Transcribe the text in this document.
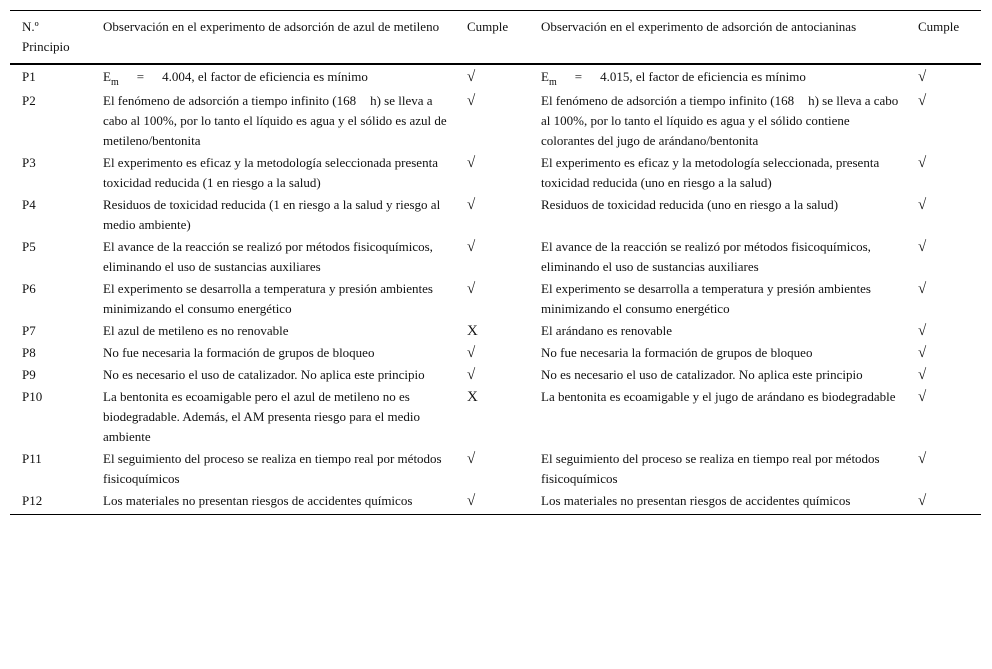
N.º Principio	Observación en el experimento de adsorción de azul de metileno	Cumple	Observación en el experimento de adsorción de antocianinas	Cumple
P1	$E_m = 4.004$, el factor de eficiencia es mínimo	√	$E_m = 4.015$, el factor de eficiencia es mínimo	√
P2	El fenómeno de adsorción a tiempo infinito (168 h) se lleva a cabo al 100%, por lo tanto el líquido es agua y el sólido es azul de metileno/bentonita	√	El fenómeno de adsorción a tiempo infinito (168 h) se lleva a cabo al 100%, por lo tanto el líquido es agua y el sólido contiene colorantes del jugo de arándano/bentonita	√
P3	El experimento es eficaz y la metodología seleccionada presenta toxicidad reducida (1 en riesgo a la salud)	√	El experimento es eficaz y la metodología seleccionada, presenta toxicidad reducida (uno en riesgo a la salud)	√
P4	Residuos de toxicidad reducida (1 en riesgo a la salud y riesgo al medio ambiente)	√	Residuos de toxicidad reducida (uno en riesgo a la salud)	√
P5	El avance de la reacción se realizó por métodos fisicoquímicos, eliminando el uso de sustancias auxiliares	√	El avance de la reacción se realizó por métodos fisicoquímicos, eliminando el uso de sustancias auxiliares	√
P6	El experimento se desarrolla a temperatura y presión ambientes minimizando el consumo energético	√	El experimento se desarrolla a temperatura y presión ambientes minimizando el consumo energético	√
P7	El azul de metileno es no renovable	X	El arándano es renovable	√
P8	No fue necesaria la formación de grupos de bloqueo	√	No fue necesaria la formación de grupos de bloqueo	√
P9	No es necesario el uso de catalizador. No aplica este principio	√	No es necesario el uso de catalizador. No aplica este principio	√
P10	La bentonita es ecoamigable pero el azul de metileno no es biodegradable. Además, el AM presenta riesgo para el medio ambiente	X	La bentonita es ecoamigable y el jugo de arándano es biodegradable	√
P11	El seguimiento del proceso se realiza en tiempo real por métodos fisicoquímicos	√	El seguimiento del proceso se realiza en tiempo real por métodos fisicoquímicos	√
P12	Los materiales no presentan riesgos de accidentes químicos	√	Los materiales no presentan riesgos de accidentes químicos	√
